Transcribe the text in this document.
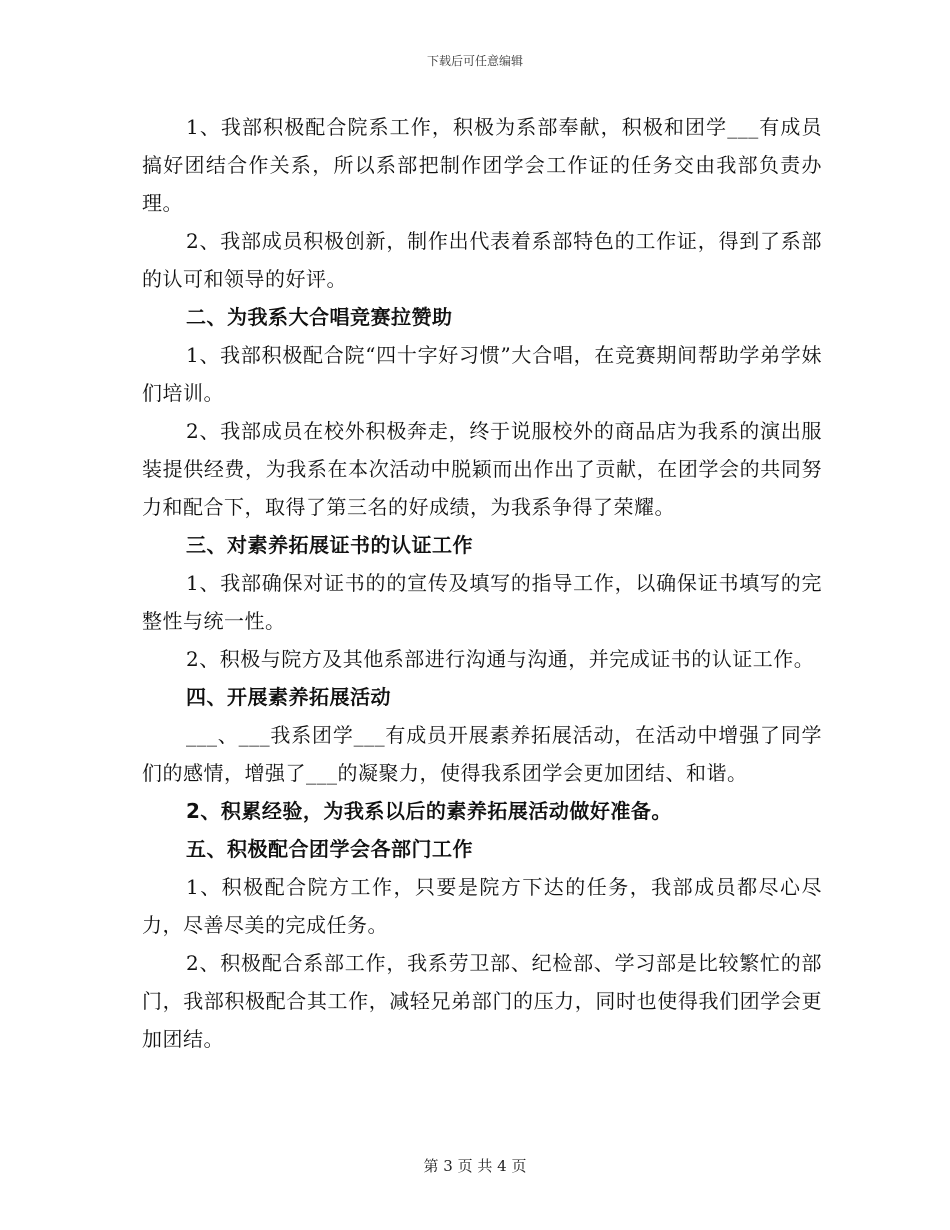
下载后可任意编辑

1、我部积极配合院系工作，积极为系部奉献，积极和团学___有成员搞好团结合作关系，所以系部把制作团学会工作证的任务交由我部负责办理。

2、我部成员积极创新，制作出代表着系部特色的工作证，得到了系部的认可和领导的好评。

二、为我系大合唱竞赛拉赞助

1、我部积极配合院“四十字好习惯”大合唱，在竞赛期间帮助学弟学妹们培训。

2、我部成员在校外积极奔走，终于说服校外的商品店为我系的演出服装提供经费，为我系在本次活动中脱颖而出作出了贡献，在团学会的共同努力和配合下，取得了第三名的好成绩，为我系争得了荣耀。

三、对素养拓展证书的认证工作

1、我部确保对证书的的宣传及填写的指导工作，以确保证书填写的完整性与统一性。

2、积极与院方及其他系部进行沟通与沟通，并完成证书的认证工作。

四、开展素养拓展活动

___、___我系团学___有成员开展素养拓展活动，在活动中增强了同学们的感情，增强了___的凝聚力，使得我系团学会更加团结、和谐。

2、积累经验，为我系以后的素养拓展活动做好准备。

五、积极配合团学会各部门工作

1、积极配合院方工作，只要是院方下达的任务，我部成员都尽心尽力，尽善尽美的完成任务。

2、积极配合系部工作，我系劳卫部、纪检部、学习部是比较繁忙的部门，我部积极配合其工作，减轻兄弟部门的压力，同时也使得我们团学会更加团结。

第 3 页 共 4 页
